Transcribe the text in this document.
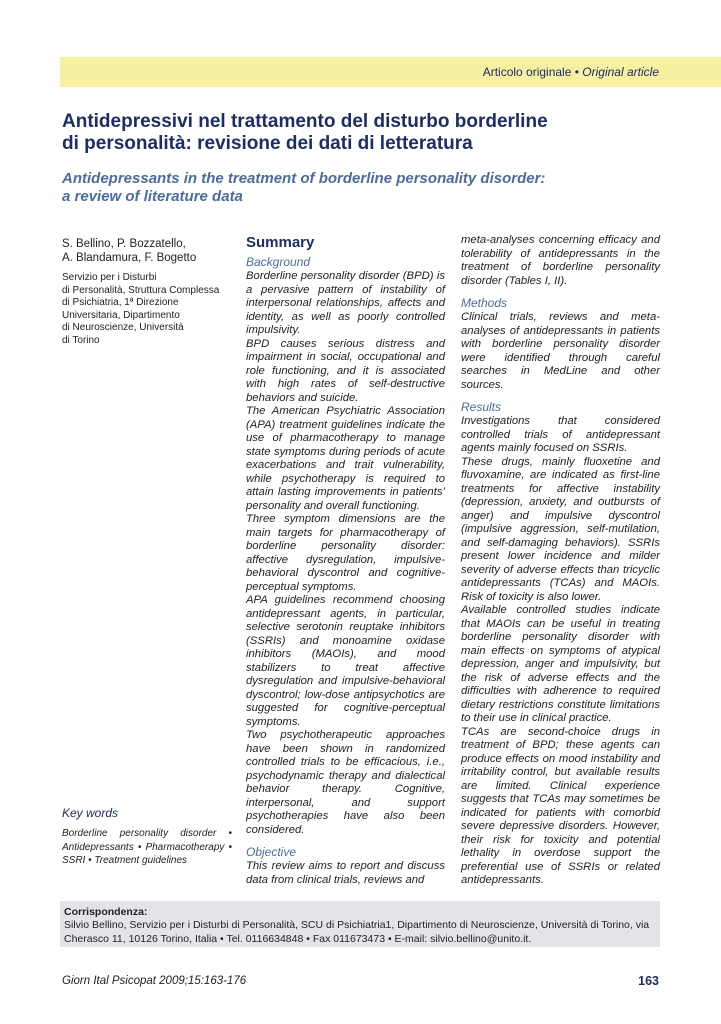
Articolo originale • Original article
Antidepressivi nel trattamento del disturbo borderline
di personalità: revisione dei dati di letteratura
Antidepressants in the treatment of borderline personality disorder:
a review of literature data
S. Bellino, P. Bozzatello,
A. Blandamura, F. Bogetto
Servizio per i Disturbi
di Personalità, Struttura Complessa
di Psichiatria, 1ª Direzione
Universitaria, Dipartimento
di Neuroscienze, Università
di Torino
Key words
Borderline personality disorder • Antidepressants • Pharmacotherapy • SSRI • Treatment guidelines
Summary
Background

Borderline personality disorder (BPD) is a pervasive pattern of instability of interpersonal relationships, affects and identity, as well as poorly controlled impulsivity.

BPD causes serious distress and impairment in social, occupational and role functioning, and it is associated with high rates of self-destructive behaviors and suicide.

The American Psychiatric Association (APA) treatment guidelines indicate the use of pharmacotherapy to manage state symptoms during periods of acute exacerbations and trait vulnerability, while psychotherapy is required to attain lasting improvements in patients’ personality and overall functioning.

Three symptom dimensions are the main targets for pharmacotherapy of borderline personality disorder: affective dysregulation, impulsive-behavioral dyscontrol and cognitive-perceptual symptoms.

APA guidelines recommend choosing antidepressant agents, in particular, selective serotonin reuptake inhibitors (SSRIs) and monoamine oxidase inhibitors (MAOIs), and mood stabilizers to treat affective dysregulation and impulsive-behavioral dyscontrol; low-dose antipsychotics are suggested for cognitive-perceptual symptoms.

Two psychotherapeutic approaches have been shown in randomized controlled trials to be efficacious, i.e., psychodynamic therapy and dialectical behavior therapy. Cognitive, interpersonal, and support psychotherapies have also been considered.

Objective

This review aims to report and discuss data from clinical trials, reviews and

meta-analyses concerning efficacy and tolerability of antidepressants in the treatment of borderline personality disorder (Tables I, II).

Methods

Clinical trials, reviews and meta-analyses of antidepressants in patients with borderline personality disorder were identified through careful searches in MedLine and other sources.

Results

Investigations that considered controlled trials of antidepressant agents mainly focused on SSRIs.

These drugs, mainly fluoxetine and fluvoxamine, are indicated as first-line treatments for affective instability (depression, anxiety, and outbursts of anger) and impulsive dyscontrol (impulsive aggression, self-mutilation, and self-damaging behaviors). SSRIs present lower incidence and milder severity of adverse effects than tricyclic antidepressants (TCAs) and MAOIs. Risk of toxicity is also lower.

Available controlled studies indicate that MAOIs can be useful in treating borderline personality disorder with main effects on symptoms of atypical depression, anger and impulsivity, but the risk of adverse effects and the difficulties with adherence to required dietary restrictions constitute limitations to their use in clinical practice.

TCAs are second-choice drugs in treatment of BPD; these agents can produce effects on mood instability and irritability control, but available results are limited. Clinical experience suggests that TCAs may sometimes be indicated for patients with comorbid severe depressive disorders. However, their risk for toxicity and potential lethality in overdose support the preferential use of SSRIs or related antidepressants.

Corrispondenza:
Silvio Bellino, Servizio per i Disturbi di Personalità, SCU di Psichiatria1, Dipartimento di Neuroscienze, Università di Torino, via
Cherasco 11, 10126 Torino, Italia • Tel. 0116634848 • Fax 011673473 • E-mail: silvio.bellino@unito.it.
Giorn Ital Psicopat 2009;15:163-176	163
